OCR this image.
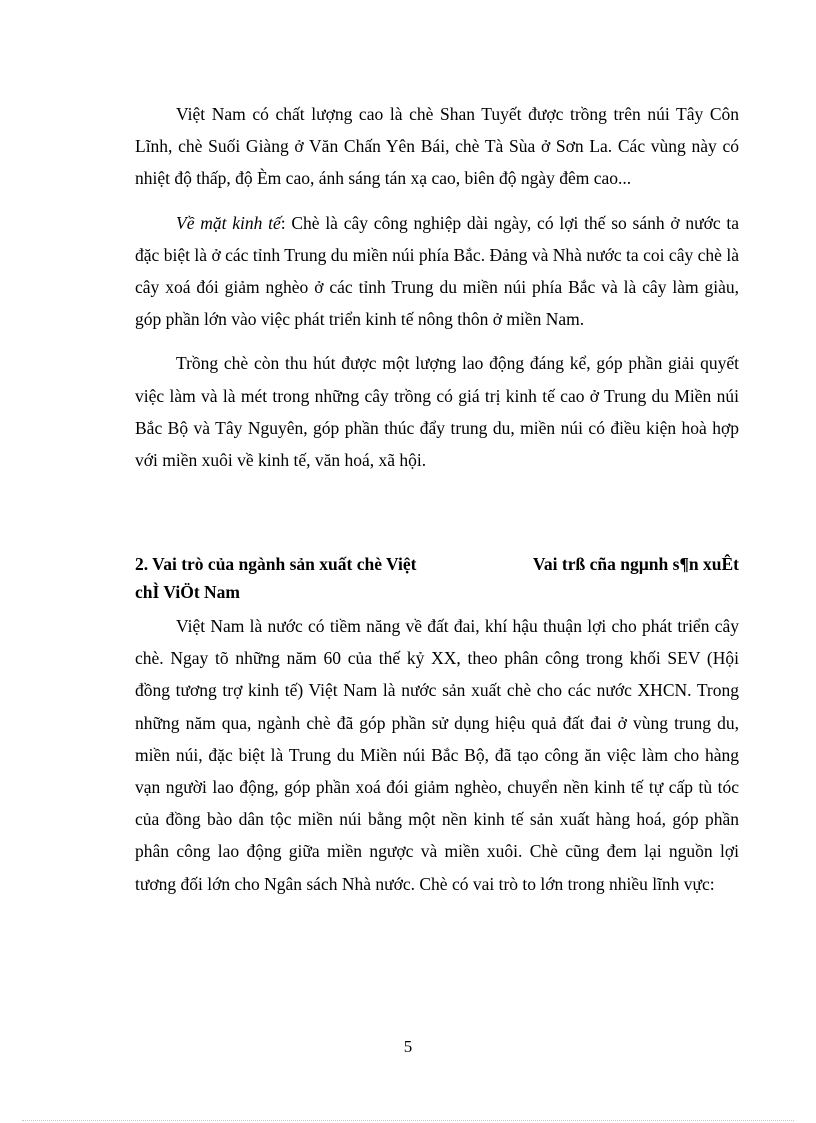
Việt Nam có chất lượng cao là chè Shan Tuyết được trồng trên núi Tây Côn Lĩnh, chè Suối Giàng ở Văn Chấn Yên Bái, chè Tà Sùa ở Sơn La. Các vùng này có nhiệt độ thấp, độ Èm cao, ánh sáng tán xạ cao, biên độ ngày đêm cao...

Về mặt kinh tế: Chè là cây công nghiệp dài ngày, có lợi thế so sánh ở nước ta đặc biệt là ở các tỉnh Trung du miền núi phía Bắc. Đảng và Nhà nước ta coi cây chè là cây xoá đói giảm nghèo ở các tỉnh Trung du miền núi phía Bắc và là cây làm giàu, góp phần lớn vào việc phát triển kinh tế nông thôn ở miền Nam.

Trồng chè còn thu hút được một lượng lao động đáng kể, góp phần giải quyết việc làm và là mét trong những cây trồng có giá trị kinh tế cao ở Trung du Miền núi Bắc Bộ và Tây Nguyên, góp phần thúc đẩy trung du, miền núi có điều kiện hoà hợp với miền xuôi về kinh tế, văn hoá, xã hội.

2. Vai trò của ngành sản xuất chè Việt	Vai trß cña ngµnh s¶n xuÊt
chÌ ViÖt Nam

Việt Nam là nước có tiềm năng về đất đai, khí hậu thuận lợi cho phát triển cây chè. Ngay tõ những năm 60 của thế kỷ XX, theo phân công trong khối SEV (Hội đồng tương trợ kinh tế) Việt Nam là nước sản xuất chè cho các nước XHCN. Trong những năm qua, ngành chè đã góp phần sử dụng hiệu quả đất đai ở vùng trung du, miền núi, đặc biệt là Trung du Miền núi Bắc Bộ, đã tạo công ăn việc làm cho hàng vạn người lao động, góp phần xoá đói giảm nghèo, chuyển nền kinh tế tự cấp tù tóc của đồng bào dân tộc miền núi bằng một nền kinh tế sản xuất hàng hoá, góp phần phân công lao động giữa miền ngược và miền xuôi. Chè cũng đem lại nguồn lợi tương đối lớn cho Ngân sách Nhà nước. Chè có vai trò to lớn trong nhiều lĩnh vực:

5
